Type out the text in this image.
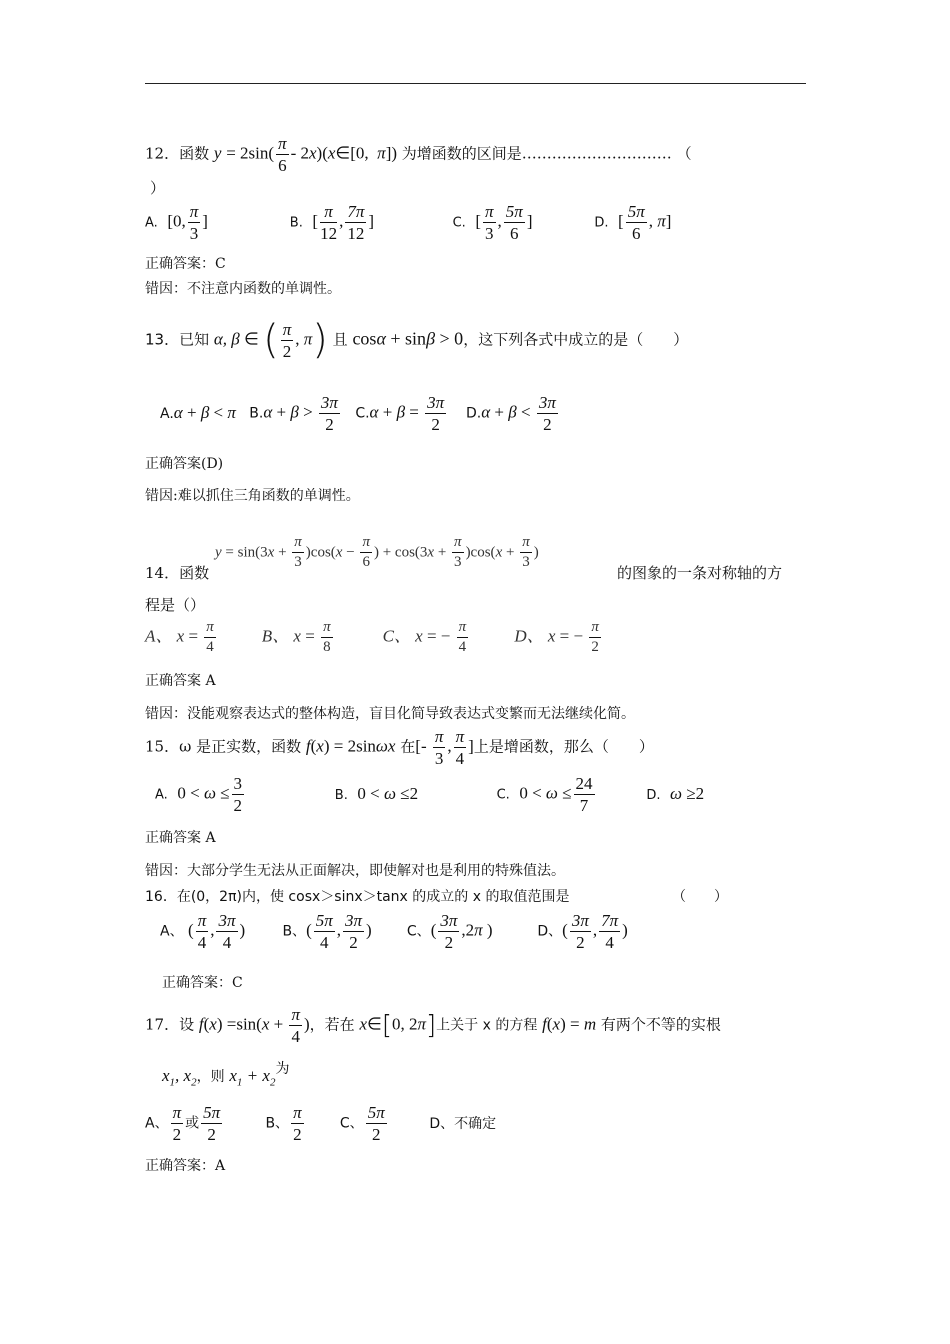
12．函数 $y = 2\sin( \frac{\pi}{6}$ - 2x)(x∈[0,  π]) 为增函数的区间是………………………… （
）
A. [0, $\frac{\pi}{3}$ ]	B. [ $\frac{\pi}{12}$ , $\frac{7\pi}{12}$ ]	C. [ $\frac{\pi}{3}$ , $\frac{5\pi}{6}$ ]	D. [ $\frac{5\pi}{6}$ , π]
正确答案：C
错因：不注意内函数的单调性。
13．已知 α, β ∈ ( $\frac{\pi}{2}$ , π) 且 cosα + sinβ > 0，这下列各式中成立的是（　　）
A.α + β < π $B.\alpha + \beta > \frac{3\pi}{2} C.\alpha + \beta = \frac{3\pi}{2} D.\alpha + \beta < \frac{3\pi}{2}$
正确答案(D)
错因:难以抓住三角函数的单调性。
$y = \sin(3x + \frac{\pi}{3} )\cos(x - \frac{\pi}{6}$ ) + $\cos(3x + \frac{\pi}{3} )\cos(x + \frac{\pi}{3}$ )
14．函数	的图象的一条对称轴的方
程是（）
A、 $x = \frac{\pi}{4}$	B、 $x = \frac{\pi}{8}$	C、 x = − $\frac{\pi}{4}$	D、 x = − $\frac{\pi}{2}$
正确答案 A
错因：没能观察表达式的整体构造，盲目化简导致表达式变繁而无法继续化简。
15．ω 是正实数，函数 f(x) = 2sinωx 在[- $\frac{\pi}{3}$ , $\frac{\pi}{4}$ ]上是增函数，那么（　　）
A. $0 < \omega \le \frac{3}{2}$	B. 0 < ω ≤2	C. $0 < \omega \le \frac{24}{7}$	D. ω ≥2
正确答案 A
错因：大部分学生无法从正面解决，即使解对也是利用的特殊值法。
16．在(0，2π)内，使 cosx＞sinx＞tanx 的成立的 x 的取值范围是	（　　）
A、 ( $\frac{\pi}{4}$ , $\frac{3\pi}{4}$ )	B、( $\frac{5\pi}{4}$ , $\frac{3\pi}{2}$ )	C、( $\frac{3\pi}{2} ,2\pi$ )	D、( $\frac{3\pi}{2}$ , $\frac{7\pi}{4}$ )
正确答案：C
17．设 $f(x) =\sin(x + \frac{\pi}{4}$ )，若在 x∈[0, 2π]上关于 x 的方程 f(x) = m 有两个不等的实根
$x_1$, $x_2$，则 $x_1 + x_2$为
A、 $\frac{\pi}{2}$ 或 $\frac{5\pi}{2}$	B、 $\frac{\pi}{2}$	C、 $\frac{5\pi}{2}$	D、不确定
正确答案：A
